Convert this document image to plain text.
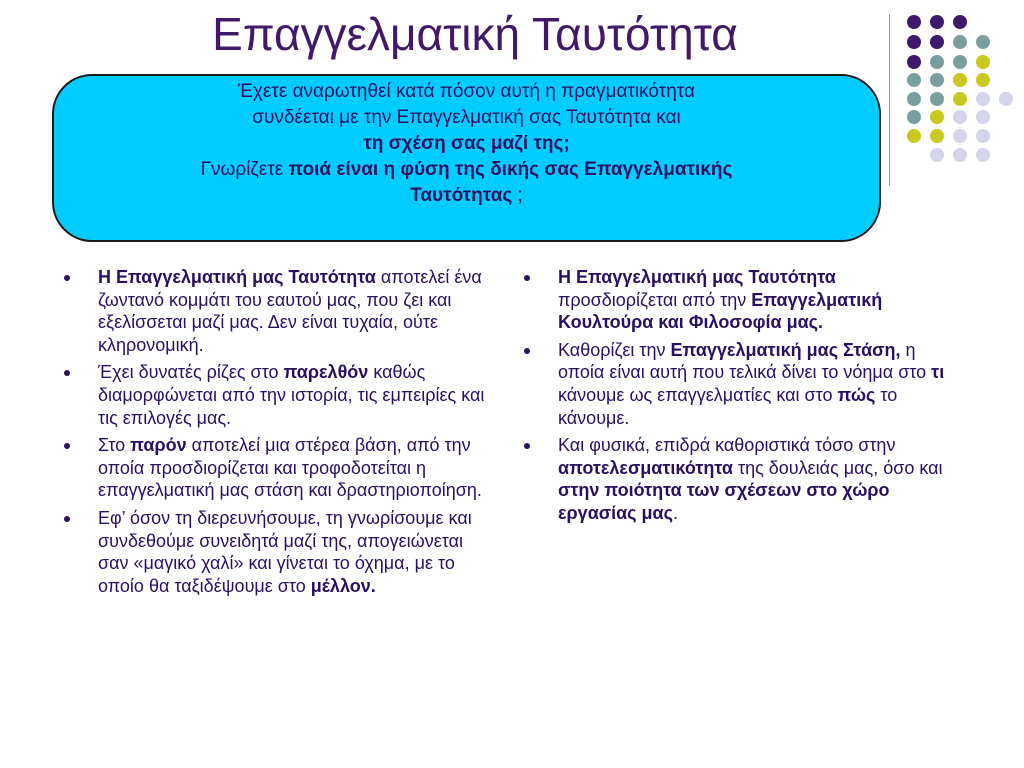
Επαγγελματική Ταυτότητα
Έχετε αναρωτηθεί κατά πόσον αυτή η πραγματικότητα
συνδέεται με την Επαγγελματική σας Ταυτότητα και
τη σχέση σας μαζί της;
Γνωρίζετε ποιά είναι η φύση της δικής σας Επαγγελματικής
Ταυτότητας ;
Η Επαγγελματική μας Ταυτότητα αποτελεί ένα ζωντανό κομμάτι του εαυτού μας, που ζει και εξελίσσεται μαζί μας. Δεν είναι τυχαία, ούτε κληρονομική.
Έχει δυνατές ρίζες στο παρελθόν καθώς διαμορφώνεται από την ιστορία, τις εμπειρίες και τις επιλογές μας.
Στο παρόν αποτελεί μια στέρεα βάση, από την οποία προσδιορίζεται και τροφοδοτείται η επαγγελματική μας στάση και δραστηριοποίηση.
Εφ’ όσον τη διερευνήσουμε, τη γνωρίσουμε και συνδεθούμε συνειδητά μαζί της, απογειώνεται σαν «μαγικό χαλί» και γίνεται το όχημα, με το οποίο θα ταξιδέψουμε στο μέλλον.
Η Επαγγελματική μας Ταυτότητα προσδιορίζεται από την Επαγγελματική Κουλτούρα και Φιλοσοφία μας.
Καθορίζει την Επαγγελματική μας Στάση, η οποία είναι αυτή που τελικά δίνει το νόημα στο τι κάνουμε ως επαγγελματίες και στο πώς το κάνουμε.
Και φυσικά, επιδρά καθοριστικά τόσο στην αποτελεσματικότητα της δουλειάς μας, όσο και στην ποιότητα των σχέσεων στο χώρο εργασίας μας.
